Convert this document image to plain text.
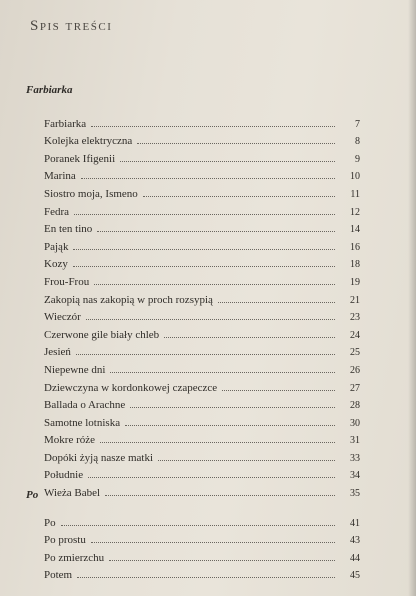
Spis treści
Farbiarka
Farbiarka	7
Kolejka elektryczna	8
Poranek Ifigenii	9
Marina	10
Siostro moja, Ismeno	11
Fedra	12
En ten tino	14
Pająk	16
Kozy	18
Frou-Frou	19
Zakopią nas zakopią w proch rozsypią	21
Wieczór	23
Czerwone gile biały chleb	24
Jesień	25
Niepewne dni	26
Dziewczyna w kordonkowej czapeczce	27
Ballada o Arachne	28
Samotne lotniska	30
Mokre róże	31
Dopóki żyją nasze matki	33
Południe	34
Wieża Babel	35
Po
Po	41
Po prostu	43
Po zmierzchu	44
Potem	45
